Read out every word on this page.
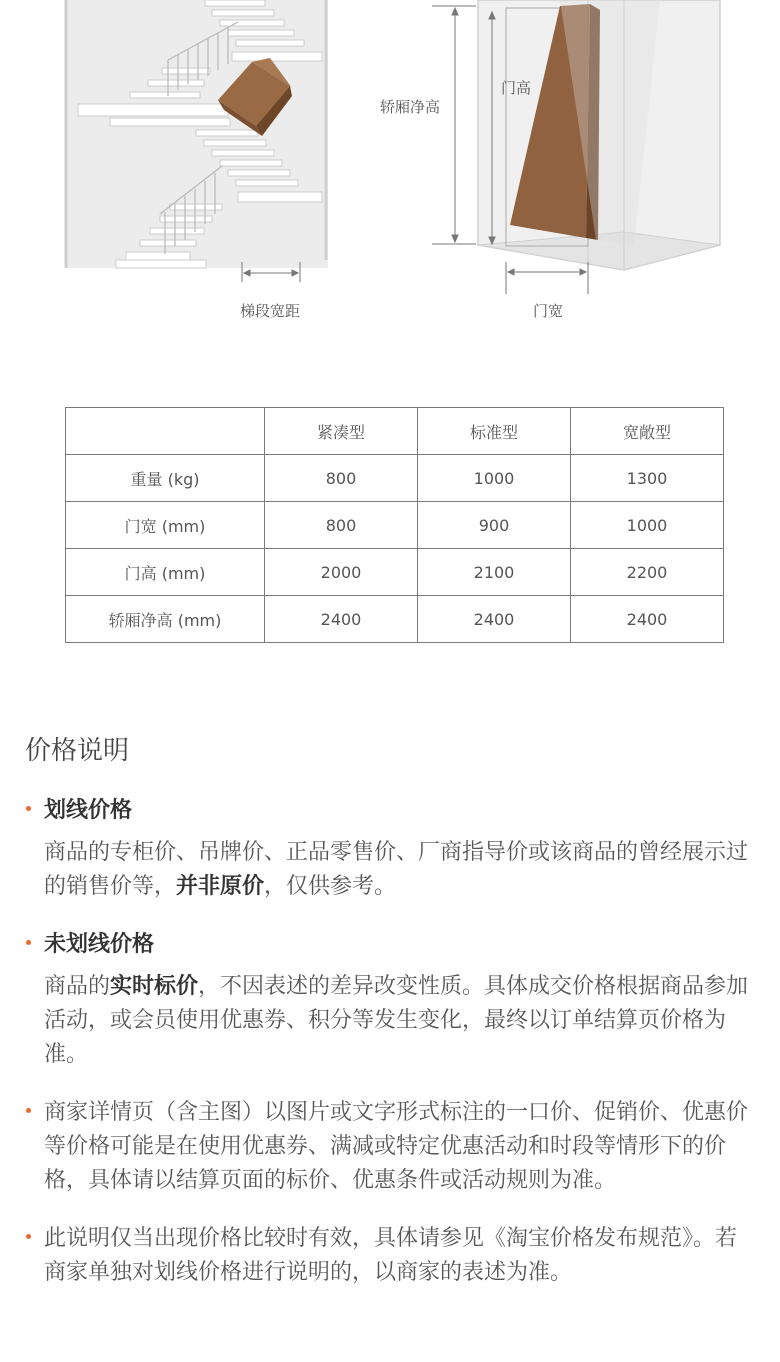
梯段宽距
轿厢净高
门高
门宽
	紧凑型	标准型	宽敞型
重量 (kg)	800	1000	1300
门宽 (mm)	800	900	1000
门高 (mm)	2000	2100	2200
轿厢净高 (mm)	2400	2400	2400
价格说明
划线价格
商品的专柜价、吊牌价、正品零售价、厂商指导价或该商品的曾经展示过的销售价等，并非原价，仅供参考。
未划线价格
商品的实时标价，不因表述的差异改变性质。具体成交价格根据商品参加活动，或会员使用优惠券、积分等发生变化，最终以订单结算页价格为准。
商家详情页（含主图）以图片或文字形式标注的一口价、促销价、优惠价等价格可能是在使用优惠券、满减或特定优惠活动和时段等情形下的价格，具体请以结算页面的标价、优惠条件或活动规则为准。
此说明仅当出现价格比较时有效，具体请参见《淘宝价格发布规范》。若商家单独对划线价格进行说明的，以商家的表述为准。
